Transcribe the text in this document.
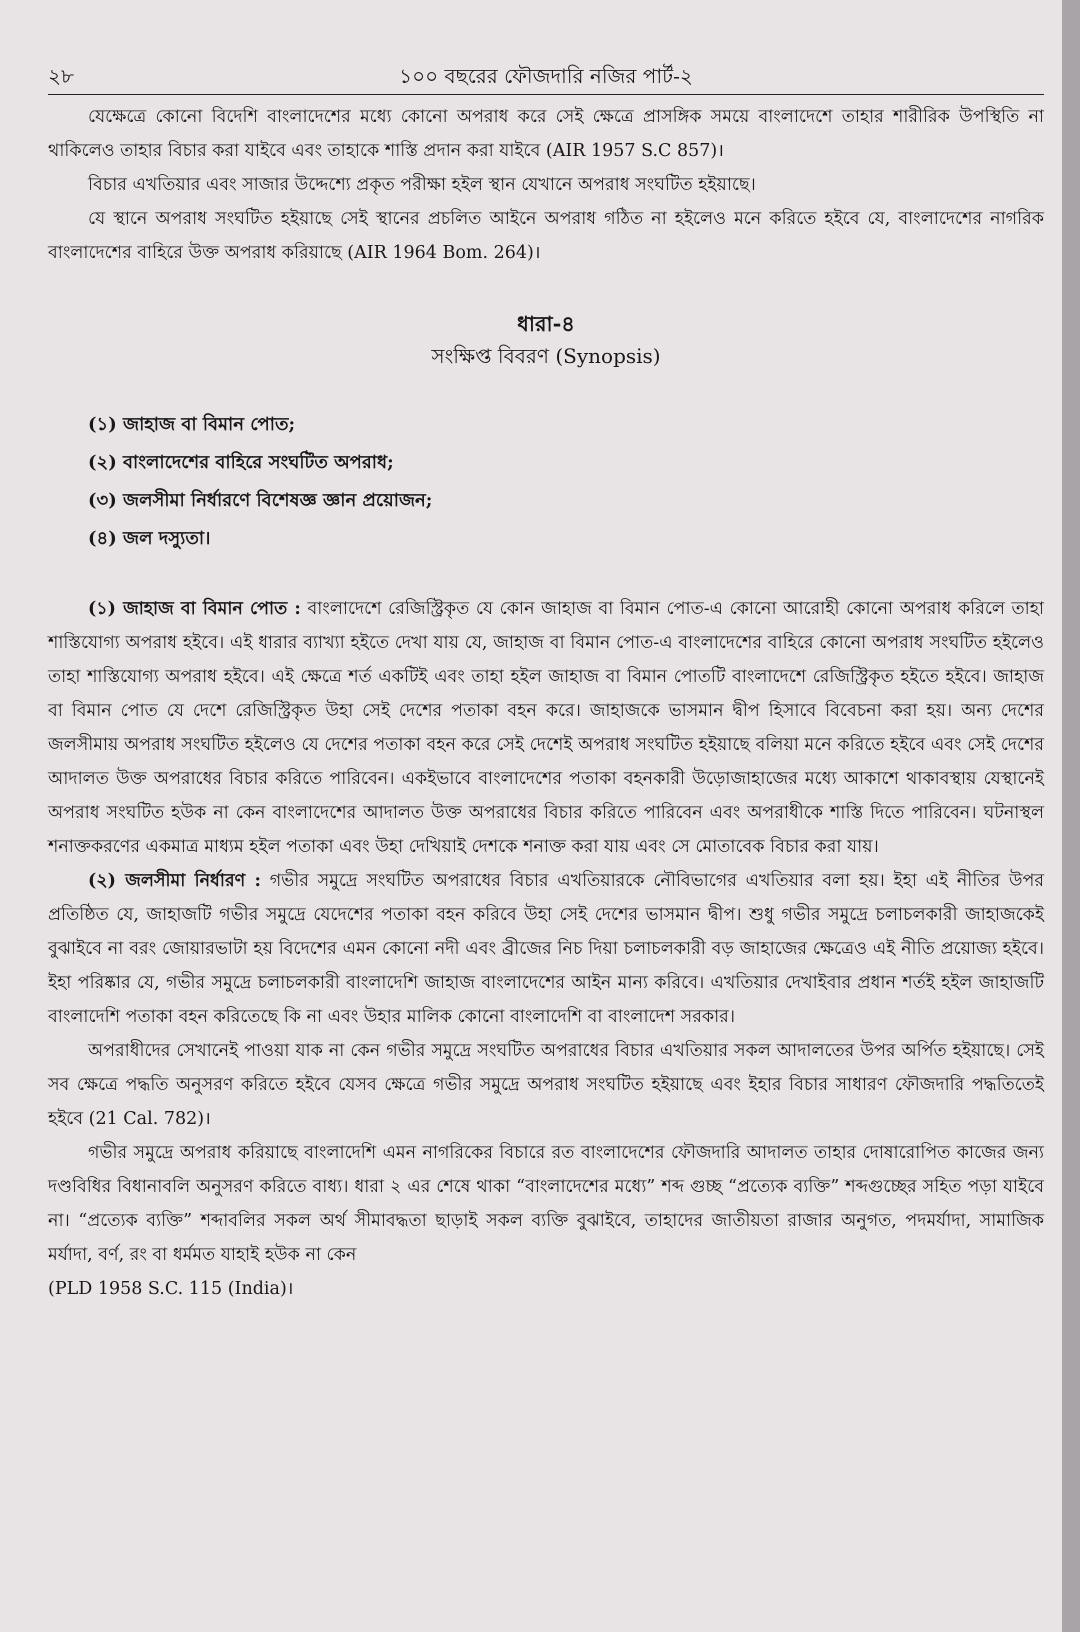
২৮	১০০ বছরের ফৌজদারি নজির পার্ট-২

যেক্ষেত্রে কোনো বিদেশি বাংলাদেশের মধ্যে কোনো অপরাধ করে সেই ক্ষেত্রে প্রাসঙ্গিক সময়ে বাংলাদেশে তাহার শারীরিক উপস্থিতি না থাকিলেও তাহার বিচার করা যাইবে এবং তাহাকে শাস্তি প্রদান করা যাইবে (AIR 1957 S.C 857)।

বিচার এখতিয়ার এবং সাজার উদ্দেশ্যে প্রকৃত পরীক্ষা হইল স্থান যেখানে অপরাধ সংঘটিত হইয়াছে।

যে স্থানে অপরাধ সংঘটিত হইয়াছে সেই স্থানের প্রচলিত আইনে অপরাধ গঠিত না হইলেও মনে করিতে হইবে যে, বাংলাদেশের নাগরিক বাংলাদেশের বাহিরে উক্ত অপরাধ করিয়াছে (AIR 1964 Bom. 264)।

ধারা-৪
সংক্ষিপ্ত বিবরণ (Synopsis)
(১) জাহাজ বা বিমান পোত;
(২) বাংলাদেশের বাহিরে সংঘটিত অপরাধ;
(৩) জলসীমা নির্ধারণে বিশেষজ্ঞ জ্ঞান প্রয়োজন;
(৪) জল দস্যুতা।

(১) জাহাজ বা বিমান পোত : বাংলাদেশে রেজিস্ট্রিকৃত যে কোন জাহাজ বা বিমান পোত-এ কোনো আরোহী কোনো অপরাধ করিলে তাহা শাস্তিযোগ্য অপরাধ হইবে। এই ধারার ব্যাখ্যা হইতে দেখা যায় যে, জাহাজ বা বিমান পোত-এ বাংলাদেশের বাহিরে কোনো অপরাধ সংঘটিত হইলেও তাহা শাস্তিযোগ্য অপরাধ হইবে। এই ক্ষেত্রে শর্ত একটিই এবং তাহা হইল জাহাজ বা বিমান পোতটি বাংলাদেশে রেজিস্ট্রিকৃত হইতে হইবে। জাহাজ বা বিমান পোত যে দেশে রেজিস্ট্রিকৃত উহা সেই দেশের পতাকা বহন করে। জাহাজকে ভাসমান দ্বীপ হিসাবে বিবেচনা করা হয়। অন্য দেশের জলসীমায় অপরাধ সংঘটিত হইলেও যে দেশের পতাকা বহন করে সেই দেশেই অপরাধ সংঘটিত হইয়াছে বলিয়া মনে করিতে হইবে এবং সেই দেশের আদালত উক্ত অপরাধের বিচার করিতে পারিবেন। একইভাবে বাংলাদেশের পতাকা বহনকারী উড়োজাহাজের মধ্যে আকাশে থাকাবস্থায় যেস্থানেই অপরাধ সংঘটিত হউক না কেন বাংলাদেশের আদালত উক্ত অপরাধের বিচার করিতে পারিবেন এবং অপরাধীকে শাস্তি দিতে পারিবেন। ঘটনাস্থল শনাক্তকরণের একমাত্র মাধ্যম হইল পতাকা এবং উহা দেখিয়াই দেশকে শনাক্ত করা যায় এবং সে মোতাবেক বিচার করা যায়।

(২) জলসীমা নির্ধারণ : গভীর সমুদ্রে সংঘটিত অপরাধের বিচার এখতিয়ারকে নৌবিভাগের এখতিয়ার বলা হয়। ইহা এই নীতির উপর প্রতিষ্ঠিত যে, জাহাজটি গভীর সমুদ্রে যেদেশের পতাকা বহন করিবে উহা সেই দেশের ভাসমান দ্বীপ। শুধু গভীর সমুদ্রে চলাচলকারী জাহাজকেই বুঝাইবে না বরং জোয়ারভাটা হয় বিদেশের এমন কোনো নদী এবং ব্রীজের নিচ দিয়া চলাচলকারী বড় জাহাজের ক্ষেত্রেও এই নীতি প্রয়োজ্য হইবে। ইহা পরিষ্কার যে, গভীর সমুদ্রে চলাচলকারী বাংলাদেশি জাহাজ বাংলাদেশের আইন মান্য করিবে। এখতিয়ার দেখাইবার প্রধান শর্তই হইল জাহাজটি বাংলাদেশি পতাকা বহন করিতেছে কি না এবং উহার মালিক কোনো বাংলাদেশি বা বাংলাদেশ সরকার।

অপরাধীদের সেখানেই পাওয়া যাক না কেন গভীর সমুদ্রে সংঘটিত অপরাধের বিচার এখতিয়ার সকল আদালতের উপর অর্পিত হইয়াছে। সেই সব ক্ষেত্রে পদ্ধতি অনুসরণ করিতে হইবে যেসব ক্ষেত্রে গভীর সমুদ্রে অপরাধ সংঘটিত হইয়াছে এবং ইহার বিচার সাধারণ ফৌজদারি পদ্ধতিতেই হইবে (21 Cal. 782)।

গভীর সমুদ্রে অপরাধ করিয়াছে বাংলাদেশি এমন নাগরিকের বিচারে রত বাংলাদেশের ফৌজদারি আদালত তাহার দোষারোপিত কাজের জন্য দণ্ডবিধির বিধানাবলি অনুসরণ করিতে বাধ্য। ধারা ২ এর শেষে থাকা “বাংলাদেশের মধ্যে” শব্দ গুচ্ছ “প্রত্যেক ব্যক্তি” শব্দগুচ্ছের সহিত পড়া যাইবে না। “প্রত্যেক ব্যক্তি” শব্দাবলির সকল অর্থ সীমাবদ্ধতা ছাড়াই সকল ব্যক্তি বুঝাইবে, তাহাদের জাতীয়তা রাজার অনুগত, পদমর্যাদা, সামাজিক মর্যাদা, বর্ণ, রং বা ধর্মমত যাহাই হউক না কেন

(PLD 1958 S.C. 115 (India)।
